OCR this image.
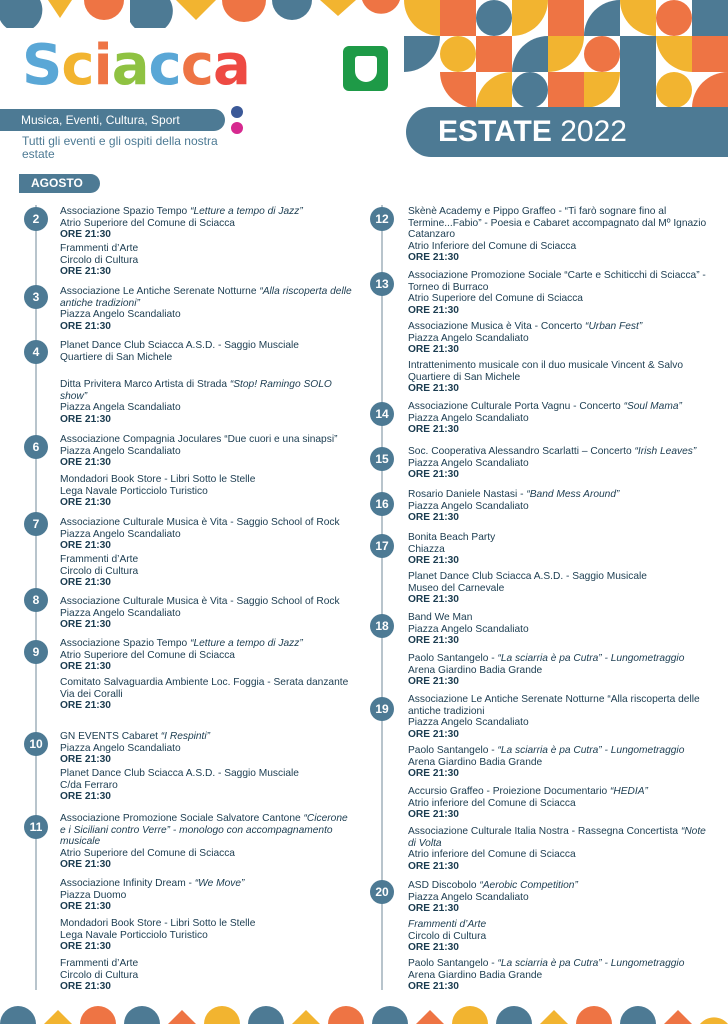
Sciacca
Musica, Eventi, Cultura, Sport
Tutti gli eventi e gli ospiti della nostra estate
ESTATE 2022
AGOSTO
2
Associazione Spazio Tempo “Letture a tempo di Jazz”
Atrio Superiore del Comune di Sciacca
ORE 21:30
Frammenti d’Arte
Circolo di Cultura
ORE 21:30
3	Associazione Le Antiche Serenate Notturne “Alla riscoperta delle antiche tradizioni”
Piazza Angelo Scandaliato
ORE 21:30
4	Planet Dance Club Sciacca A.S.D. - Saggio Musciale
Quartiere di San Michele
Ditta Privitera Marco Artista di Strada “Stop! Ramingo SOLO show”
Piazza Angela Scandaliato
ORE 21:30
6
Associazione Compagnia Joculares “Due cuori e una sinapsi”
Piazza Angelo Scandaliato
ORE 21:30
Mondadori Book Store - Libri Sotto le Stelle
Lega Navale Porticciolo Turistico
ORE 21:30
7	Associazione Culturale Musica è Vita - Saggio School of Rock
Piazza Angelo Scandaliato
ORE 21:30
Frammenti d’Arte
Circolo di Cultura
ORE 21:30
8	Associazione Culturale Musica è Vita - Saggio School of Rock
Piazza Angelo Scandaliato
ORE 21:30
9
Associazione Spazio Tempo “Letture a tempo di Jazz”
Atrio Superiore del Comune di Sciacca
ORE 21:30
Comitato Salvaguardia Ambiente Loc. Foggia - Serata danzante
Via dei Coralli
ORE 21:30
10
GN EVENTS Cabaret “I Respinti”
Piazza Angelo Scandaliato
ORE 21:30
Planet Dance Club Sciacca A.S.D. - Saggio Musciale
C/da Ferraro
ORE 21:30
11
Associazione Promozione Sociale Salvatore Cantone “Cicerone e i Siciliani contro Verre” - monologo con accompagnamento musicale
Atrio Superiore del Comune di Sciacca
ORE 21:30
Associazione Infinity Dream - “We Move”
Piazza Duomo
ORE 21:30
Mondadori Book Store - Libri Sotto le Stelle
Lega Navale Porticciolo Turistico
ORE 21:30
Frammenti d’Arte
Circolo di Cultura
ORE 21:30
12
Skènè Academy e Pippo Graffeo - “Ti farò sognare fino al Termine...Fabio” - Poesia e Cabaret accompagnato dal Mº Ignazio Catanzaro
Atrio Inferiore del Comune di Sciacca
ORE 21:30
13
Associazione Promozione Sociale “Carte e Schiticchi di Sciacca” - Torneo di Burraco
Atrio Superiore del Comune di Sciacca
ORE 21:30
Associazione Musica è Vita - Concerto “Urban Fest”
Piazza Angelo Scandaliato
ORE 21:30
Intrattenimento musicale con il duo musicale Vincent & Salvo
Quartiere di San Michele
ORE 21:30
14
Associazione Culturale Porta Vagnu - Concerto “Soul Mama”
Piazza Angelo Scandaliato
ORE 21:30
15
Soc. Cooperativa Alessandro Scarlatti – Concerto “Irish Leaves”
Piazza Angelo Scandaliato
ORE 21:30
16
Rosario Daniele Nastasi - “Band Mess Around”
Piazza Angelo Scandaliato
ORE 21:30
17
Bonita Beach Party
Chiazza
ORE 21:30
Planet Dance Club Sciacca A.S.D. - Saggio Musicale
Museo del Carnevale
ORE 21:30
18
Band We Man
Piazza Angelo Scandaliato
ORE 21:30
Paolo Santangelo - “La sciarria è pa Cutra” - Lungometraggio
Arena Giardino Badia Grande
ORE 21:30
19
Associazione Le Antiche Serenate Notturne “Alla riscoperta delle antiche tradizioni
Piazza Angelo Scandaliato
ORE 21:30
Paolo Santangelo - “La sciarria è pa Cutra” - Lungometraggio
Arena Giardino Badia Grande
ORE 21:30
Accursio Graffeo - Proiezione Documentario “HEDIA”
Atrio inferiore del Comune di Sciacca
ORE 21:30
Associazione Culturale Italia Nostra - Rassegna Concertista “Note di Volta
Atrio inferiore del Comune di Sciacca
ORE 21:30
20	ASD Discobolo “Aerobic Competition”
Piazza Angelo Scandaliato
ORE 21:30
Frammenti d’Arte
Circolo di Cultura
ORE 21:30
Paolo Santangelo - “La sciarria è pa Cutra” - Lungometraggio
Arena Giardino Badia Grande
ORE 21:30
